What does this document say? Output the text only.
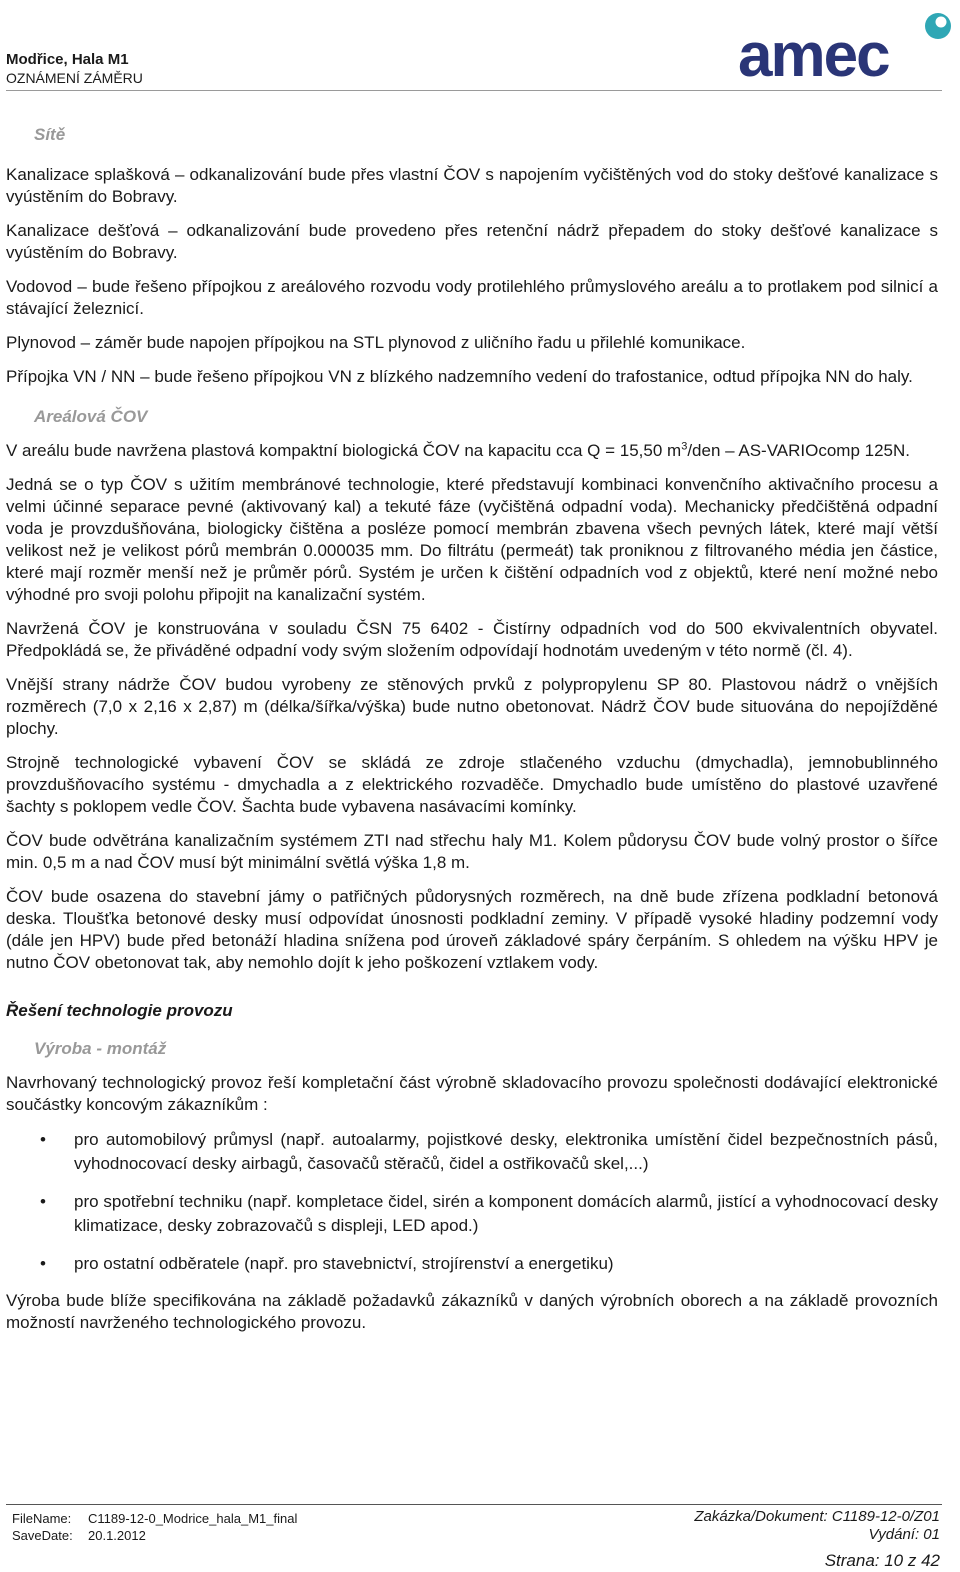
Modřice, Hala M1
OZNÁMENÍ ZÁMĚRU	amec
Sítě

Kanalizace splašková – odkanalizování bude přes vlastní ČOV s napojením vyčištěných vod do stoky dešťové kanalizace s vyústěním do Bobravy.

Kanalizace dešťová – odkanalizování bude provedeno přes retenční nádrž přepadem do stoky dešťové kanalizace s vyústěním do Bobravy.

Vodovod – bude řešeno přípojkou z areálového rozvodu vody protilehlého průmyslového areálu a to protlakem pod silnicí a stávající železnicí.

Plynovod – záměr bude napojen přípojkou na STL plynovod z uličního řadu u přilehlé komunikace.

Přípojka VN / NN – bude řešeno přípojkou VN z blízkého nadzemního vedení do trafostanice, odtud přípojka NN do haly.

Areálová ČOV

V areálu bude navržena plastová kompaktní biologická ČOV na kapacitu cca Q = 15,50 $m^3$/den – AS-VARIOcomp 125N.

Jedná se o typ ČOV s užitím membránové technologie, které představují kombinaci konvenčního aktivačního procesu a velmi účinné separace pevné (aktivovaný kal) a tekuté fáze (vyčištěná odpadní voda). Mechanicky předčištěná odpadní voda je provzdušňována, biologicky čištěna a posléze pomocí membrán zbavena všech pevných látek, které mají větší velikost než je velikost pórů membrán 0.000035 mm. Do filtrátu (permeát) tak proniknou z filtrovaného média jen částice, které mají rozměr menší než je průměr pórů. Systém je určen k čištění odpadních vod z objektů, které není možné nebo výhodné pro svoji polohu připojit na kanalizační systém.

Navržená ČOV je konstruována v souladu ČSN 75 6402 - Čistírny odpadních vod do 500 ekvivalentních obyvatel. Předpokládá se, že přiváděné odpadní vody svým složením odpovídají hodnotám uvedeným v této normě (čl. 4).

Vnější strany nádrže ČOV budou vyrobeny ze stěnových prvků z polypropylenu SP 80. Plastovou nádrž o vnějších rozměrech (7,0 x 2,16 x 2,87) m (délka/šířka/výška) bude nutno obetonovat. Nádrž ČOV bude situována do nepojížděné plochy.

Strojně technologické vybavení ČOV se skládá ze zdroje stlačeného vzduchu (dmychadla), jemnobublinného provzdušňovacího systému - dmychadla a z elektrického rozvaděče. Dmychadlo bude umístěno do plastové uzavřené šachty s poklopem vedle ČOV. Šachta bude vybavena nasávacími komínky.

ČOV bude odvětrána kanalizačním systémem ZTI nad střechu haly M1. Kolem půdorysu ČOV bude volný prostor o šířce min. 0,5 m a nad ČOV musí být minimální světlá výška 1,8 m.

ČOV bude osazena do stavební jámy o patřičných půdorysných rozměrech, na dně bude zřízena podkladní betonová deska. Tloušťka betonové desky musí odpovídat únosnosti podkladní zeminy. V případě vysoké hladiny podzemní vody (dále jen HPV) bude před betonáží hladina snížena pod úroveň základové spáry čerpáním. S ohledem na výšku HPV je nutno ČOV obetonovat tak, aby nemohlo dojít k jeho poškození vztlakem vody.

Řešení technologie provozu
Výroba - montáž

Navrhovaný technologický provoz řeší kompletační část výrobně skladovacího provozu společnosti dodávající elektronické součástky koncovým zákazníkům :

• pro automobilový průmysl (např. autoalarmy, pojistkové desky, elektronika umístění čidel bezpečnostních pásů, vyhodnocovací desky airbagů, časovačů stěračů, čidel a ostřikovačů skel,...)
• pro spotřební techniku (např. kompletace čidel, sirén a komponent domácích alarmů, jistící a vyhodnocovací desky klimatizace, desky zobrazovačů s displeji, LED apod.)
• pro ostatní odběratele (např. pro stavebnictví, strojírenství a energetiku)

Výroba bude blíže specifikována na základě požadavků zákazníků v daných výrobních oborech a na základě provozních možností navrženého technologického provozu.

FileName: C1189-12-0_Modrice_hala_M1_final
SaveDate: 20.1.2012
Zakázka/Dokument: C1189-12-0/Z01
Vydání: 01
Strana: 10 z 42
